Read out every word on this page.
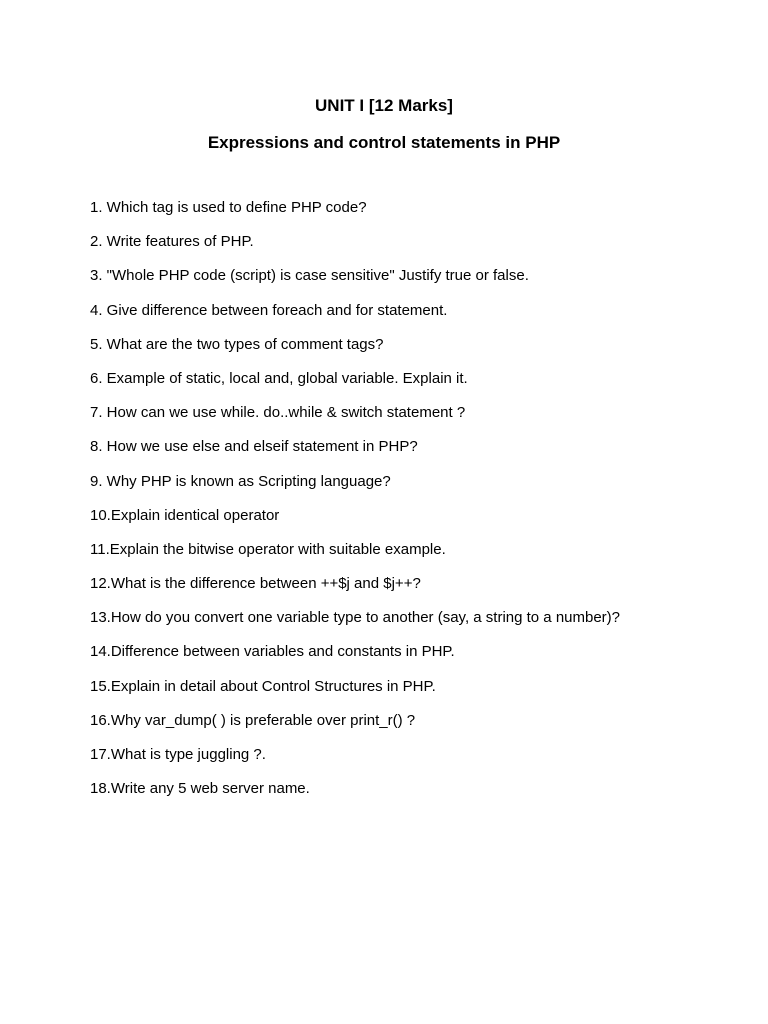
UNIT I [12 Marks]
Expressions and control statements in PHP
1. Which tag is used to define PHP code?
2. Write features of PHP.
3. "Whole PHP code (script) is case sensitive" Justify true or false.
4. Give difference between foreach and for statement.
5. What are the two types of comment tags?
6. Example of static, local and, global variable. Explain it.
7. How can we use while. do..while & switch statement ?
8. How we use else and elseif statement in PHP?
9. Why PHP is known as Scripting language?
10.Explain identical operator
11.Explain the bitwise operator with suitable example.
12.What is the difference between ++$j and $j++?
13.How do you convert one variable type to another (say, a string to a number)?
14.Difference between variables and constants in PHP.
15.Explain in detail about Control Structures in PHP.
16.Why var_dump( ) is preferable over print_r() ?
17.What is type juggling ?.
18.Write any 5 web server name.
